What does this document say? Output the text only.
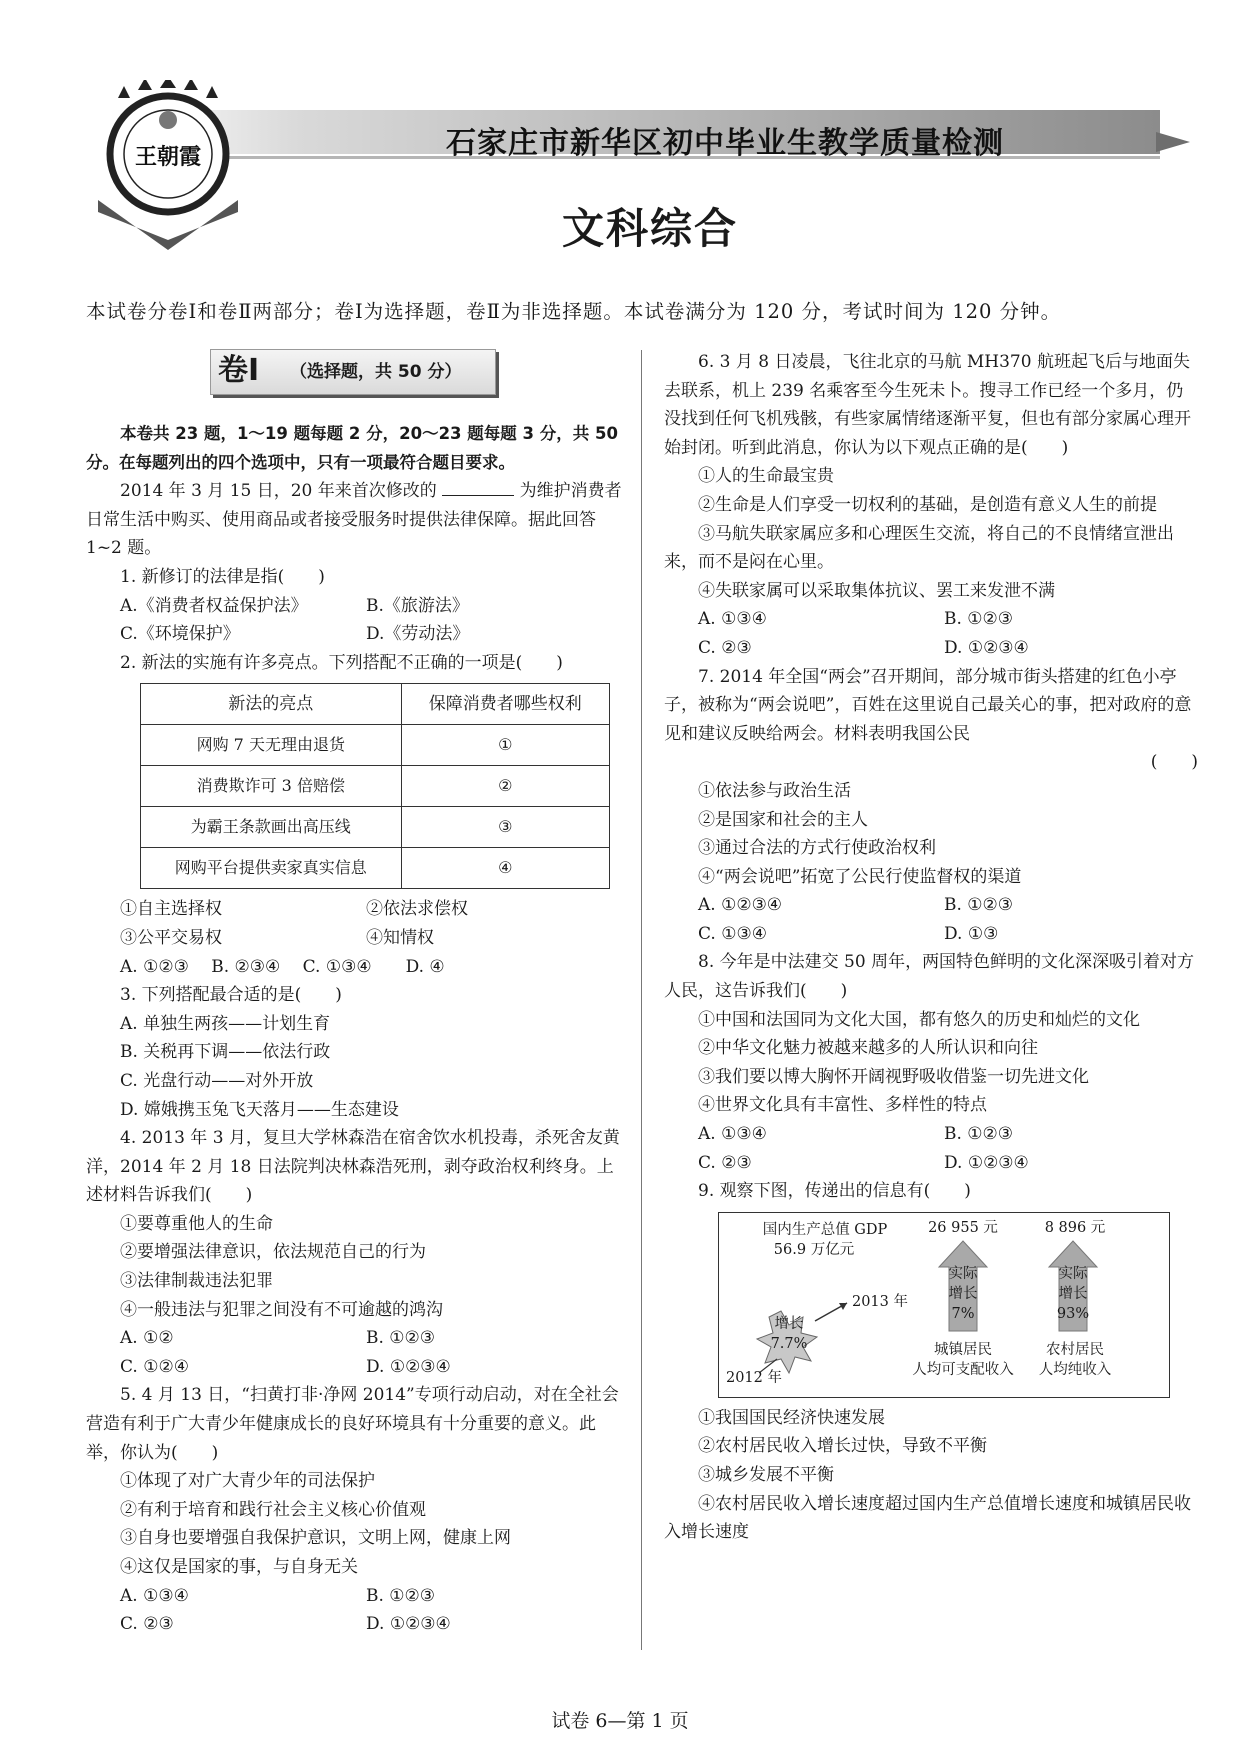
石家庄市新华区初中毕业生教学质量检测
文科综合
王朝霞
本试卷分卷Ⅰ和卷Ⅱ两部分；卷Ⅰ为选择题，卷Ⅱ为非选择题。本试卷满分为 120 分，考试时间为 120 分钟。
卷Ⅰ （选择题，共 50 分）

本卷共 23 题，1～19 题每题 2 分，20～23 题每题 3 分，共 50 分。在每题列出的四个选项中，只有一项最符合题目要求。

2014 年 3 月 15 日，20 年来首次修改的	为维护消费者日常生活中购买、使用商品或者接受服务时提供法律保障。据此回答 1~2 题。

1. 新修订的法律是指(　　)

A.《消费者权益保护法》	B.《旅游法》
C.《环境保护》	D.《劳动法》

2. 新法的实施有许多亮点。下列搭配不正确的一项是(　　)

新法的亮点	保障消费者哪些权利
网购 7 天无理由退货	①
消费欺诈可 3 倍赔偿	②
为霸王条款画出高压线	③
网购平台提供卖家真实信息	④
①自主选择权	②依法求偿权
③公平交易权	④知情权

A. ①②③　 B. ②③④　 C. ①③④　　D. ④

3. 下列搭配最合适的是(　　)

A. 单独生两孩——计划生育

B. 关税再下调——依法行政

C. 光盘行动——对外开放

D. 嫦娥携玉兔飞天落月——生态建设

4. 2013 年 3 月，复旦大学林森浩在宿舍饮水机投毒，杀死舍友黄洋，2014 年 2 月 18 日法院判决林森浩死刑，剥夺政治权利终身。上述材料告诉我们(　　)

①要尊重他人的生命

②要增强法律意识，依法规范自己的行为

③法律制裁违法犯罪

④一般违法与犯罪之间没有不可逾越的鸿沟

A. ①②	B. ①②③
C. ①②④	D. ①②③④

5. 4 月 13 日，“扫黄打非·净网 2014”专项行动启动，对在全社会营造有利于广大青少年健康成长的良好环境具有十分重要的意义。此举，你认为(　　)

①体现了对广大青少年的司法保护

②有利于培育和践行社会主义核心价值观

③自身也要增强自我保护意识，文明上网，健康上网

④这仅是国家的事，与自身无关

A. ①③④	B. ①②③
C. ②③	D. ①②③④

6. 3 月 8 日凌晨，飞往北京的马航 MH370 航班起飞后与地面失去联系，机上 239 名乘客至今生死未卜。搜寻工作已经一个多月，仍没找到任何飞机残骸，有些家属情绪逐渐平复，但也有部分家属心理开始封闭。听到此消息，你认为以下观点正确的是(　　)

①人的生命最宝贵

②生命是人们享受一切权利的基础，是创造有意义人生的前提

③马航失联家属应多和心理医生交流，将自己的不良情绪宣泄出来，而不是闷在心里。

④失联家属可以采取集体抗议、罢工来发泄不满

A. ①③④	B. ①②③
C. ②③	D. ①②③④

7. 2014 年全国“两会”召开期间，部分城市街头搭建的红色小亭子，被称为“两会说吧”，百姓在这里说自己最关心的事，把对政府的意见和建议反映给两会。材料表明我国公民

(　　)

①依法参与政治生活

②是国家和社会的主人

③通过合法的方式行使政治权利

④“两会说吧”拓宽了公民行使监督权的渠道

A. ①②③④	B. ①②③
C. ①③④	D. ①③

8. 今年是中法建交 50 周年，两国特色鲜明的文化深深吸引着对方人民，这告诉我们(　　)

①中国和法国同为文化大国，都有悠久的历史和灿烂的文化

②中华文化魅力被越来越多的人所认识和向往

③我们要以博大胸怀开阔视野吸收借鉴一切先进文化

④世界文化具有丰富性、多样性的特点

A. ①③④	B. ①②③
C. ②③	D. ①②③④

9. 观察下图，传递出的信息有(　　)

国内生产总值 GDP
56.9 万亿元
增长
7.7%
2012 年
2013 年
26 955 元
实际
增长
7%
城镇居民
人均可支配收入
8 896 元
实际
增长
93%
农村居民
人均纯收入

①我国国民经济快速发展

②农村居民收入增长过快，导致不平衡

③城乡发展不平衡

④农村居民收入增长速度超过国内生产总值增长速度和城镇居民收入增长速度

试卷 6—第 1 页
